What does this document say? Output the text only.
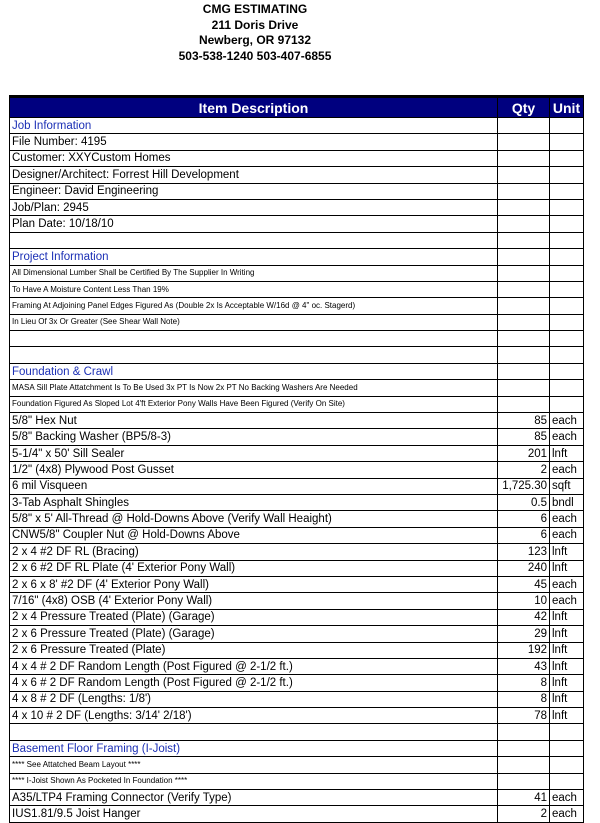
CMG ESTIMATING
211 Doris Drive
Newberg, OR 97132
503-538-1240 503-407-6855
Item Description	Qty	Unit
Job Information		
File Number: 4195		
Customer: XXYCustom Homes		
Designer/Architect: Forrest Hill Development		
Engineer: David Engineering		
Job/Plan: 2945		
Plan Date: 10/18/10		

Project Information		
All Dimensional Lumber Shall be Certified By The Supplier In Writing		
To Have A Moisture Content Less Than 19%		
Framing At Adjoining Panel Edges Figured As (Double 2x Is Acceptable W/16d @ 4" oc. Stagerd)		
In Lieu Of 3x Or Greater (See Shear Wall Note)		

Foundation & Crawl		
MASA Sill Plate Attatchment Is To Be Used 3x PT Is Now 2x PT No Backing Washers Are Needed		
Foundation Figured As Sloped Lot 4'ft Exterior Pony Walls Have Been Figured (Verify On Site)		
5/8" Hex Nut	85	each
5/8" Backing Washer (BP5/8-3)	85	each
5-1/4" x 50' Sill Sealer	201	lnft
1/2" (4x8) Plywood Post Gusset	2	each
6 mil Visqueen	1,725.30	sqft
3-Tab Asphalt Shingles	0.5	bndl
5/8" x 5' All-Thread @ Hold-Downs Above (Verify Wall Heaight)	6	each
CNW5/8" Coupler Nut @ Hold-Downs Above	6	each
2 x 4 #2 DF RL (Bracing)	123	lnft
2 x 6 #2 DF RL Plate (4' Exterior Pony Wall)	240	lnft
2 x 6 x 8' #2 DF (4' Exterior Pony Wall)	45	each
7/16" (4x8) OSB (4' Exterior Pony Wall)	10	each
2 x 4 Pressure Treated (Plate) (Garage)	42	lnft
2 x 6 Pressure Treated (Plate) (Garage)	29	lnft
2 x 6 Pressure Treated (Plate)	192	lnft
4 x 4 # 2 DF Random Length (Post Figured @ 2-1/2 ft.)	43	lnft
4 x 6 # 2 DF Random Length (Post Figured @ 2-1/2 ft.)	8	lnft
4 x 8 # 2 DF (Lengths: 1/8')	8	lnft
4 x 10 # 2 DF (Lengths: 3/14' 2/18')	78	lnft

Basement Floor Framing (I-Joist)		
**** See Attatched Beam Layout ****		
**** I-Joist Shown As Pocketed In Foundation ****		
A35/LTP4 Framing Connector (Verify Type)	41	each
IUS1.81/9.5 Joist Hanger	2	each
